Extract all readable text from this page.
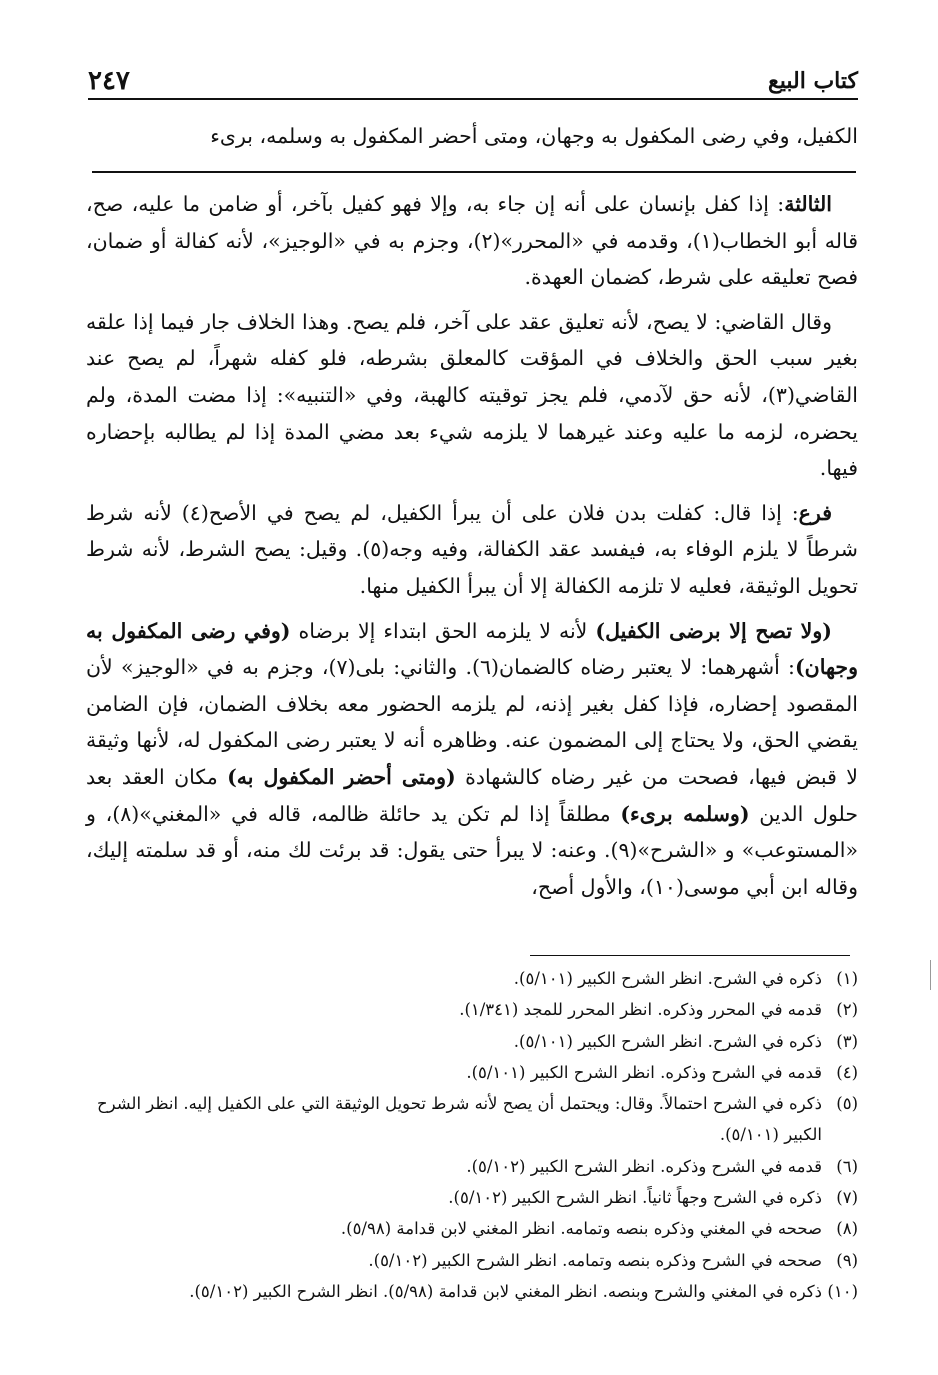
٢٤٧	كتاب البيع

الكفيل، وفي رضى المكفول به وجهان، ومتى أحضر المكفول به وسلمه، برىء

الثالثة: إذا كفل بإنسان على أنه إن جاء به، وإلا فهو كفيل بآخر، أو ضامن ما عليه، صح، قاله أبو الخطاب(١)، وقدمه في «المحرر»(٢)، وجزم به في «الوجيز»، لأنه كفالة أو ضمان، فصح تعليقه على شرط، كضمان العهدة.

وقال القاضي: لا يصح، لأنه تعليق عقد على آخر، فلم يصح. وهذا الخلاف جار فيما إذا علقه بغير سبب الحق والخلاف في المؤقت كالمعلق بشرطه، فلو كفله شهراً، لم يصح عند القاضي(٣)، لأنه حق لآدمي، فلم يجز توقيته كالهبة، وفي «التنبيه»: إذا مضت المدة، ولم يحضره، لزمه ما عليه وعند غيرهما لا يلزمه شيء بعد مضي المدة إذا لم يطالبه بإحضاره فيها.

فرع: إذا قال: كفلت بدن فلان على أن يبرأ الكفيل، لم يصح في الأصح(٤) لأنه شرط شرطاً لا يلزم الوفاء به، فيفسد عقد الكفالة، وفيه وجه(٥). وقيل: يصح الشرط، لأنه شرط تحويل الوثيقة، فعليه لا تلزمه الكفالة إلا أن يبرأ الكفيل منها.

(ولا تصح إلا برضى الكفيل) لأنه لا يلزمه الحق ابتداء إلا برضاه (وفي رضى المكفول به وجهان): أشهرهما: لا يعتبر رضاه كالضمان(٦). والثاني: بلى(٧)، وجزم به في «الوجيز» لأن المقصود إحضاره، فإذا كفل بغير إذنه، لم يلزمه الحضور معه بخلاف الضمان، فإن الضامن يقضي الحق، ولا يحتاج إلى المضمون عنه. وظاهره أنه لا يعتبر رضى المكفول له، لأنها وثيقة لا قبض فيها، فصحت من غير رضاه كالشهادة (ومتى أحضر المكفول به) مكان العقد بعد حلول الدين (وسلمه برىء) مطلقاً إذا لم تكن يد حائلة ظالمه، قاله في «المغني»(٨)، و «المستوعب» و «الشرح»(٩). وعنه: لا يبرأ حتى يقول: قد برئت لك منه، أو قد سلمته إليك، وقاله ابن أبي موسى(١٠)، والأول أصح،

(١)
ذكره في الشرح. انظر الشرح الكبير (٥/١٠١).

(٢)
قدمه في المحرر وذكره. انظر المحرر للمجد (١/٣٤١).

(٣)
ذكره في الشرح. انظر الشرح الكبير (٥/١٠١).

(٤)
قدمه في الشرح وذكره. انظر الشرح الكبير (٥/١٠١).

(٥)
ذكره في الشرح احتمالاً. وقال: ويحتمل أن يصح لأنه شرط تحويل الوثيقة التي على الكفيل إليه. انظر الشرح الكبير (٥/١٠١).

(٦)
قدمه في الشرح وذكره. انظر الشرح الكبير (٥/١٠٢).

(٧)
ذكره في الشرح وجهاً ثانياً. انظر الشرح الكبير (٥/١٠٢).

(٨)
صححه في المغني وذكره بنصه وتمامه. انظر المغني لابن قدامة (٥/٩٨).

(٩)
صححه في الشرح وذكره بنصه وتمامه. انظر الشرح الكبير (٥/١٠٢).

(١٠)
ذكره في المغني والشرح وبنصه. انظر المغني لابن قدامة (٥/٩٨). انظر الشرح الكبير (٥/١٠٢).
